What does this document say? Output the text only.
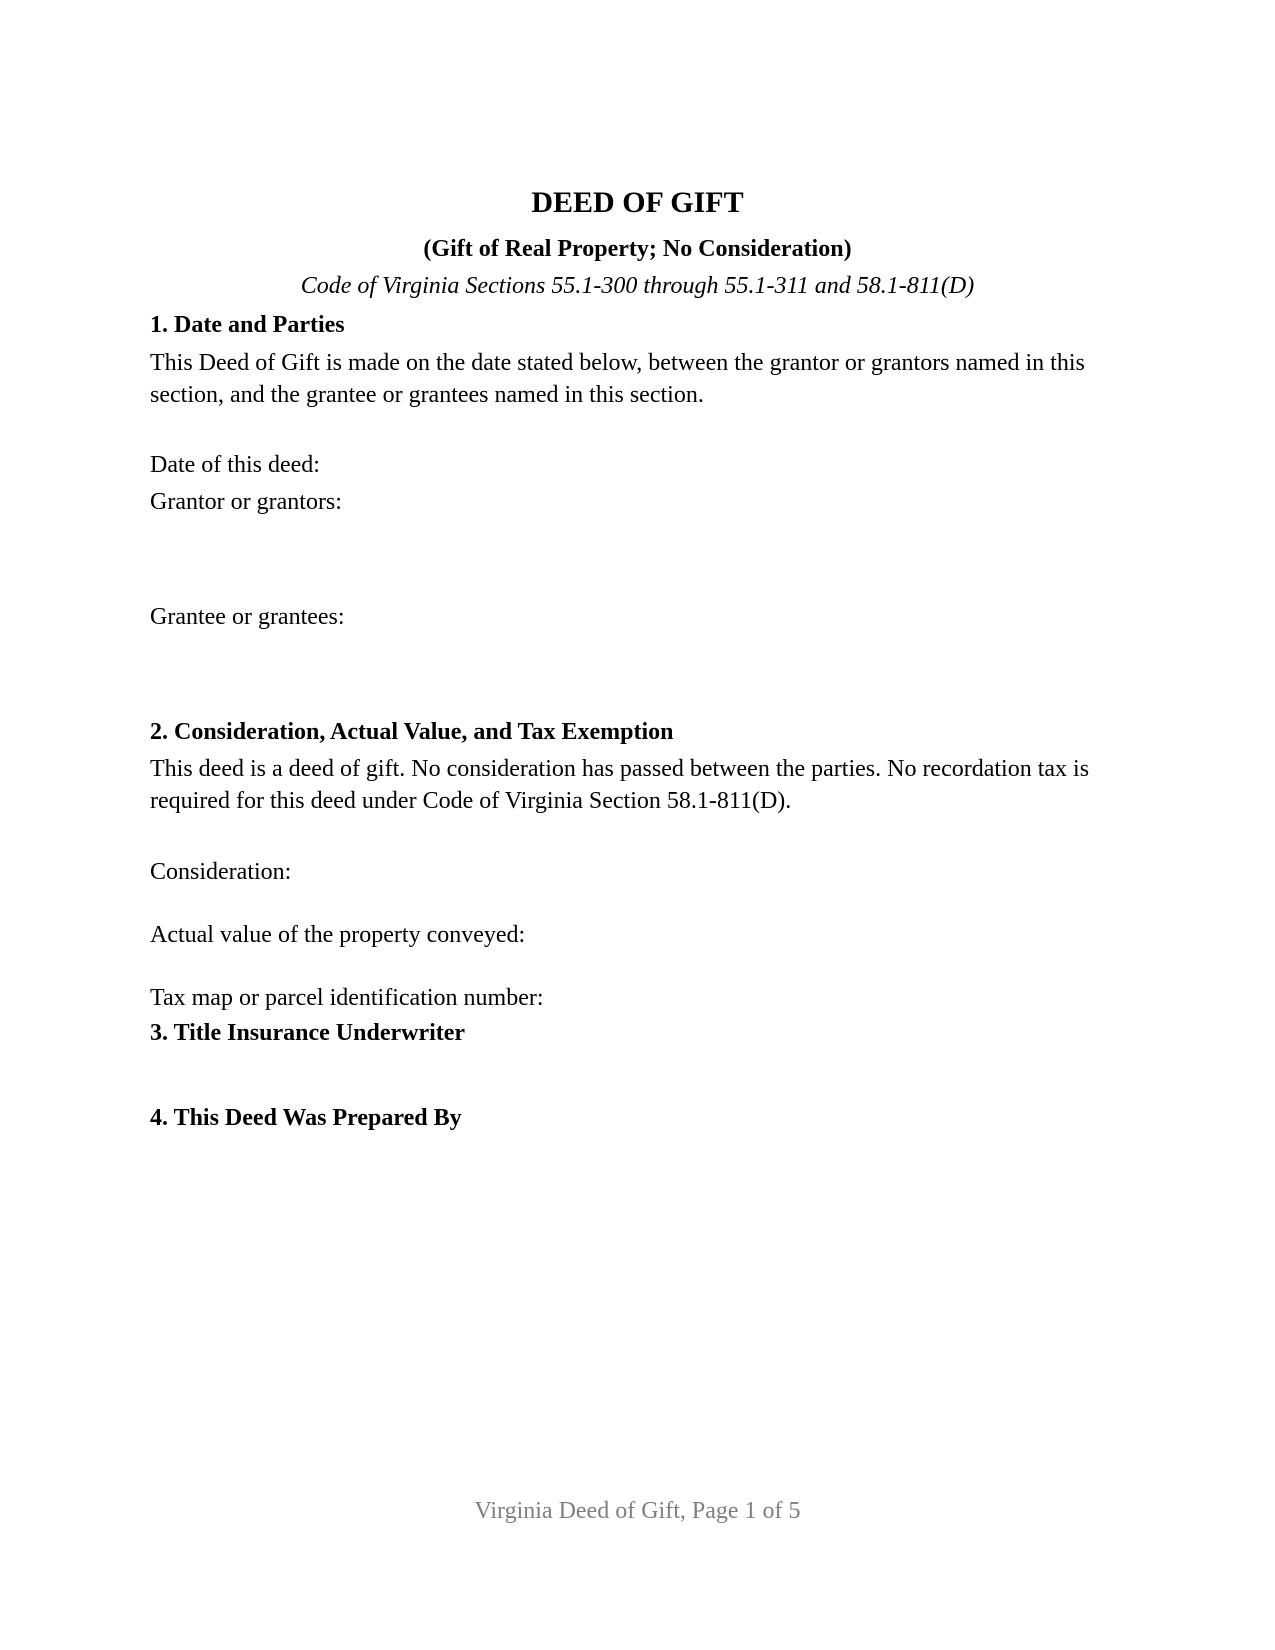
DEED OF GIFT
(Gift of Real Property; No Consideration)
Code of Virginia Sections 55.1-300 through 55.1-311 and 58.1-811(D)
1. Date and Parties

This Deed of Gift is made on the date stated below, between the grantor or grantors named in this section, and the grantee or grantees named in this section.

Date of this deed:
Grantor or grantors:
Grantee or grantees:
2. Consideration, Actual Value, and Tax Exemption

This deed is a deed of gift. No consideration has passed between the parties. No recordation tax is required for this deed under Code of Virginia Section 58.1-811(D).

Consideration:
Actual value of the property conveyed:
Tax map or parcel identification number:
3. Title Insurance Underwriter
4. This Deed Was Prepared By
Virginia Deed of Gift, Page 1 of 5
